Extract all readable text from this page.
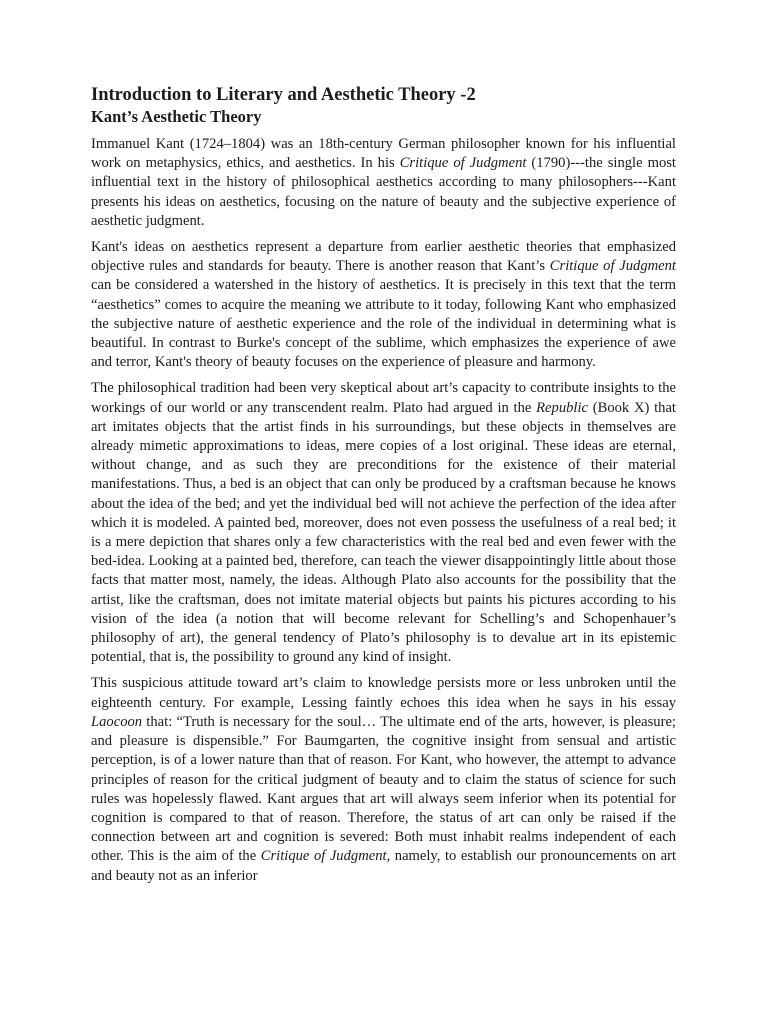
Introduction to Literary and Aesthetic Theory -2
Kant’s Aesthetic Theory

Immanuel Kant (1724–1804) was an 18th-century German philosopher known for his influential work on metaphysics, ethics, and aesthetics. In his Critique of Judgment (1790)---the single most influential text in the history of philosophical aesthetics according to many philosophers---Kant presents his ideas on aesthetics, focusing on the nature of beauty and the subjective experience of aesthetic judgment.

Kant's ideas on aesthetics represent a departure from earlier aesthetic theories that emphasized objective rules and standards for beauty. There is another reason that Kant’s Critique of Judgment can be considered a watershed in the history of aesthetics. It is precisely in this text that the term “aesthetics” comes to acquire the meaning we attribute to it today, following Kant who emphasized the subjective nature of aesthetic experience and the role of the individual in determining what is beautiful. In contrast to Burke's concept of the sublime, which emphasizes the experience of awe and terror, Kant's theory of beauty focuses on the experience of pleasure and harmony.

The philosophical tradition had been very skeptical about art’s capacity to contribute insights to the workings of our world or any transcendent realm. Plato had argued in the Republic (Book X) that art imitates objects that the artist finds in his surroundings, but these objects in themselves are already mimetic approximations to ideas, mere copies of a lost original. These ideas are eternal, without change, and as such they are preconditions for the existence of their material manifestations. Thus, a bed is an object that can only be produced by a craftsman because he knows about the idea of the bed; and yet the individual bed will not achieve the perfection of the idea after which it is modeled. A painted bed, moreover, does not even possess the usefulness of a real bed; it is a mere depiction that shares only a few characteristics with the real bed and even fewer with the bed-idea. Looking at a painted bed, therefore, can teach the viewer disappointingly little about those facts that matter most, namely, the ideas. Although Plato also accounts for the possibility that the artist, like the craftsman, does not imitate material objects but paints his pictures according to his vision of the idea (a notion that will become relevant for Schelling’s and Schopenhauer’s philosophy of art), the general tendency of Plato’s philosophy is to devalue art in its epistemic potential, that is, the possibility to ground any kind of insight.

This suspicious attitude toward art’s claim to knowledge persists more or less unbroken until the eighteenth century. For example, Lessing faintly echoes this idea when he says in his essay Laocoon that: “Truth is necessary for the soul… The ultimate end of the arts, however, is pleasure; and pleasure is dispensible.” For Baumgarten, the cognitive insight from sensual and artistic perception, is of a lower nature than that of reason. For Kant, who however, the attempt to advance principles of reason for the critical judgment of beauty and to claim the status of science for such rules was hopelessly flawed. Kant argues that art will always seem inferior when its potential for cognition is compared to that of reason. Therefore, the status of art can only be raised if the connection between art and cognition is severed: Both must inhabit realms independent of each other. This is the aim of the Critique of Judgment, namely, to establish our pronouncements on art and beauty not as an inferior
